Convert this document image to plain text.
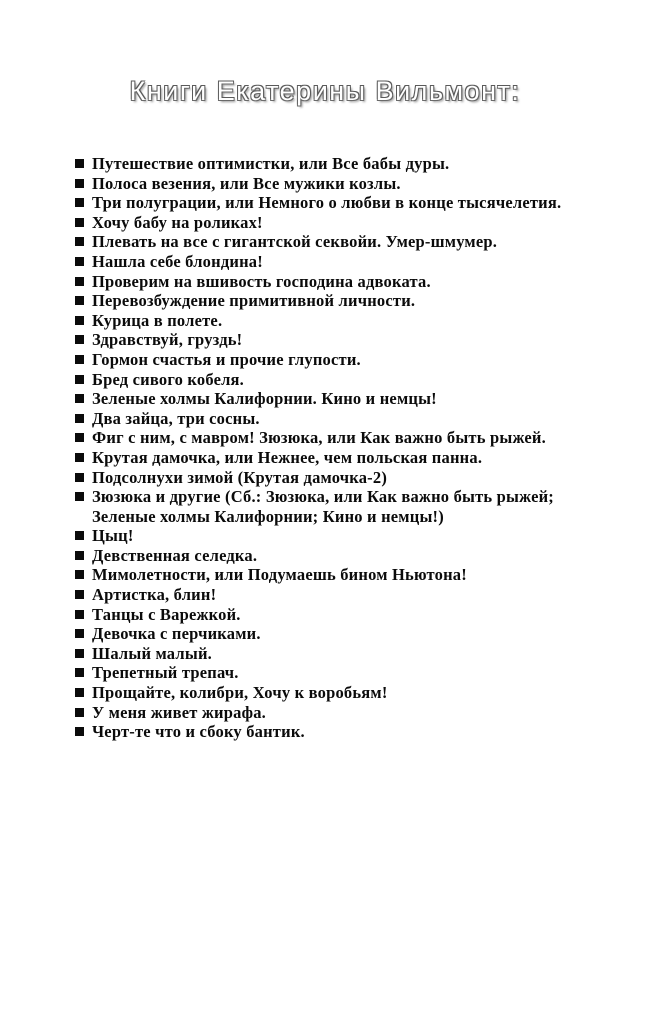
Книги Екатерины Вильмонт:
Путешествие оптимистки, или Все бабы дуры.
Полоса везения, или Все мужики козлы.
Три полуграции, или Немного о любви в конце тысячелетия.
Хочу бабу на роликах!
Плевать на все с гигантской секвойи. Умер-шмумер.
Нашла себе блондина!
Проверим на вшивость господина адвоката.
Перевозбуждение примитивной личности.
Курица в полете.
Здравствуй, груздь!
Гормон счастья и прочие глупости.
Бред сивого кобеля.
Зеленые холмы Калифорнии. Кино и немцы!
Два зайца, три сосны.
Фиг с ним, с мавром! Зюзюка, или Как важно быть рыжей.
Крутая дамочка, или Нежнее, чем польская панна.
Подсолнухи зимой (Крутая дамочка-2)
Зюзюка и другие (Сб.: Зюзюка, или Как важно быть рыжей; Зеленые холмы Калифорнии; Кино и немцы!)
Цыц!
Девственная селедка.
Мимолетности, или Подумаешь бином Ньютона!
Артистка, блин!
Танцы с Варежкой.
Девочка с перчиками.
Шалый малый.
Трепетный трепач.
Прощайте, колибри, Хочу к воробьям!
У меня живет жирафа.
Черт-те что и сбоку бантик.
